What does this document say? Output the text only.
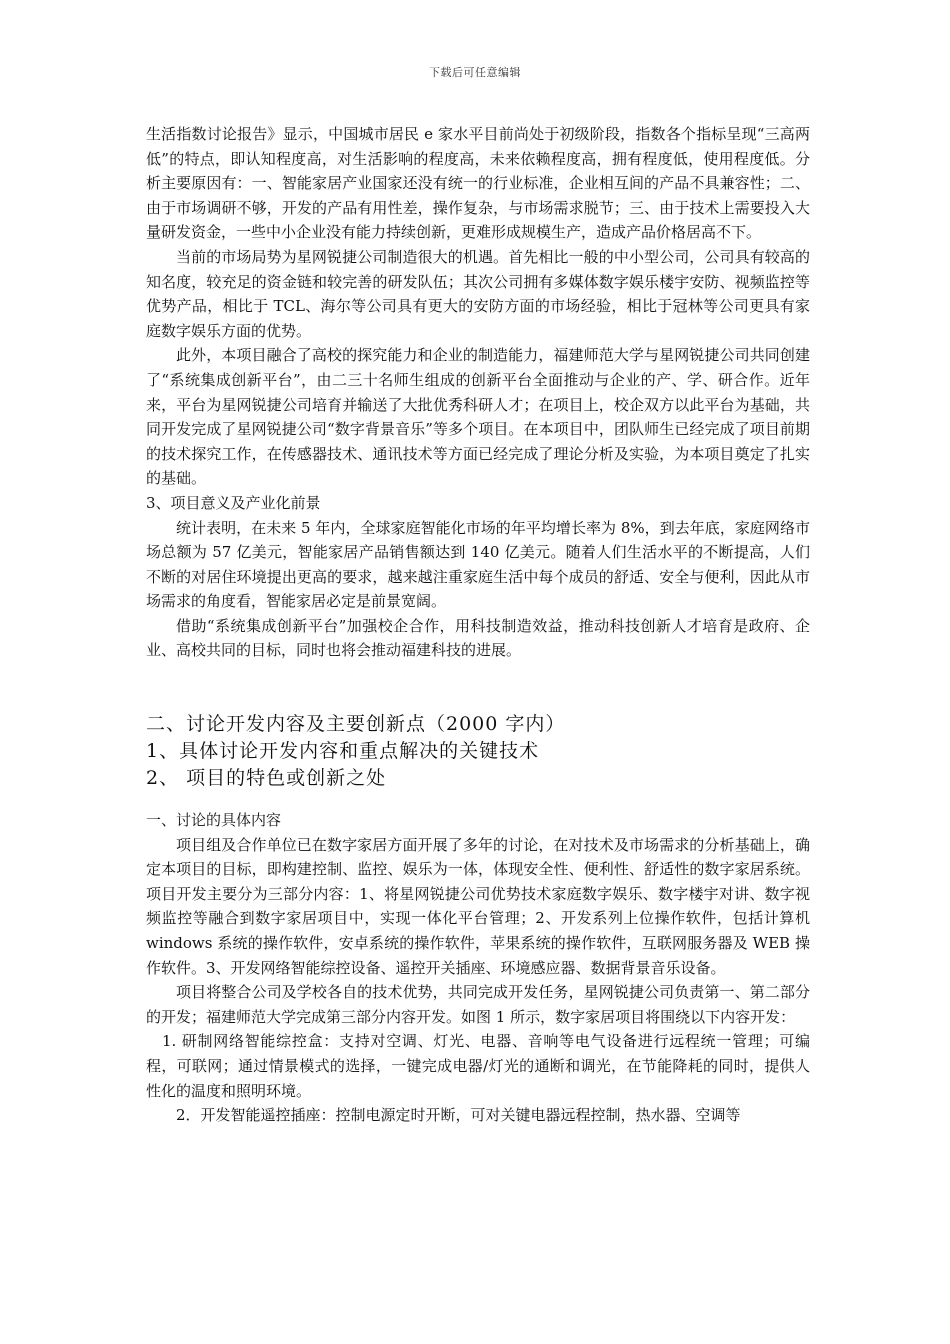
下载后可任意编辑

生活指数讨论报告》显示，中国城市居民 e 家水平目前尚处于初级阶段，指数各个指标呈现“三高两低”的特点，即认知程度高，对生活影响的程度高，未来依赖程度高，拥有程度低，使用程度低。分析主要原因有：一、智能家居产业国家还没有统一的行业标准，企业相互间的产品不具兼容性；二、由于市场调研不够，开发的产品有用性差，操作复杂，与市场需求脱节；三、由于技术上需要投入大量研发资金，一些中小企业没有能力持续创新，更难形成规模生产，造成产品价格居高不下。

当前的市场局势为星网锐捷公司制造很大的机遇。首先相比一般的中小型公司，公司具有较高的知名度，较充足的资金链和较完善的研发队伍；其次公司拥有多媒体数字娱乐楼宇安防、视频监控等优势产品，相比于 TCL、海尔等公司具有更大的安防方面的市场经验，相比于冠林等公司更具有家庭数字娱乐方面的优势。

此外，本项目融合了高校的探究能力和企业的制造能力，福建师范大学与星网锐捷公司共同创建了“系统集成创新平台”，由二三十名师生组成的创新平台全面推动与企业的产、学、研合作。近年来，平台为星网锐捷公司培育并输送了大批优秀科研人才；在项目上，校企双方以此平台为基础，共同开发完成了星网锐捷公司“数字背景音乐”等多个项目。在本项目中，团队师生已经完成了项目前期的技术探究工作，在传感器技术、通讯技术等方面已经完成了理论分析及实验，为本项目奠定了扎实的基础。

3、项目意义及产业化前景

统计表明，在未来 5 年内，全球家庭智能化市场的年平均增长率为 8%，到去年底，家庭网络市场总额为 57 亿美元，智能家居产品销售额达到 140 亿美元。随着人们生活水平的不断提高，人们不断的对居住环境提出更高的要求，越来越注重家庭生活中每个成员的舒适、安全与便利，因此从市场需求的角度看，智能家居必定是前景宽阔。

借助“系统集成创新平台”加强校企合作，用科技制造效益，推动科技创新人才培育是政府、企业、高校共同的目标，同时也将会推动福建科技的进展。

二、讨论开发内容及主要创新点（2000 字内）

1、具体讨论开发内容和重点解决的关键技术

2、 项目的特色或创新之处

一、讨论的具体内容

项目组及合作单位已在数字家居方面开展了多年的讨论，在对技术及市场需求的分析基础上，确定本项目的目标，即构建控制、监控、娱乐为一体，体现安全性、便利性、舒适性的数字家居系统。项目开发主要分为三部分内容：1、将星网锐捷公司优势技术家庭数字娱乐、数字楼宇对讲、数字视频监控等融合到数字家居项目中，实现一体化平台管理；2、开发系列上位操作软件，包括计算机 windows 系统的操作软件，安卓系统的操作软件，苹果系统的操作软件，互联网服务器及 WEB 操作软件。3、开发网络智能综控设备、遥控开关插座、环境感应器、数据背景音乐设备。

项目将整合公司及学校各自的技术优势，共同完成开发任务，星网锐捷公司负责第一、第二部分的开发；福建师范大学完成第三部分内容开发。如图 1 所示，数字家居项目将围绕以下内容开发：

1. 研制网络智能综控盒：支持对空调、灯光、电器、音响等电气设备进行远程统一管理；可编程，可联网；通过情景模式的选择，一键完成电器/灯光的通断和调光，在节能降耗的同时，提供人性化的温度和照明环境。

2．开发智能遥控插座：控制电源定时开断，可对关键电器远程控制，热水器、空调等
